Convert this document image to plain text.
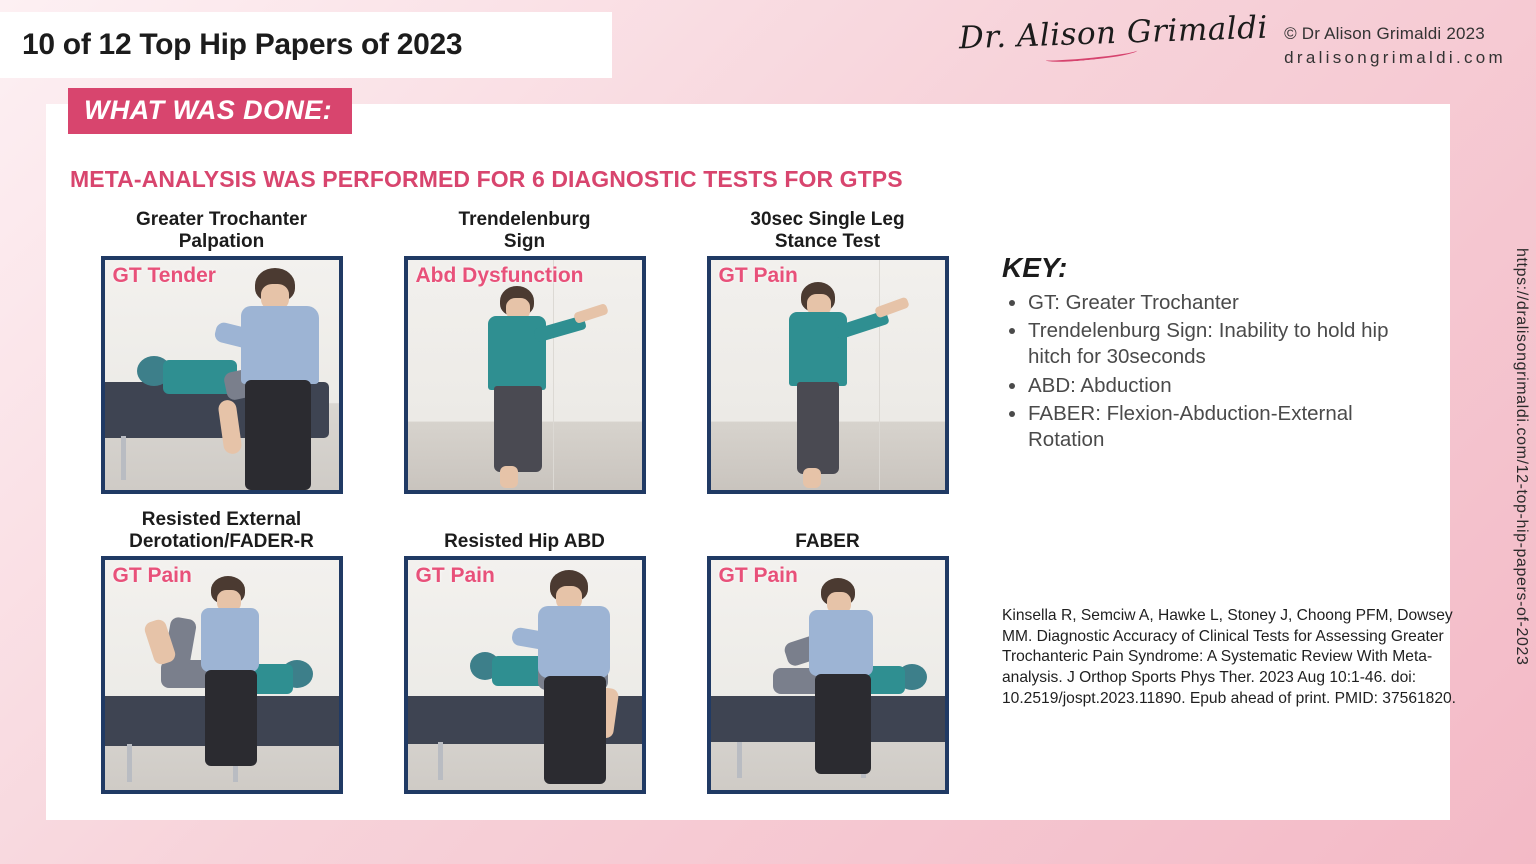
10 of 12 Top Hip Papers of 2023	Dr. Alison Grimaldi © Dr Alison Grimaldi 2023
dralisongrimaldi.com
WHAT WAS DONE:
META-ANALYSIS WAS PERFORMED FOR 6 DIAGNOSTIC TESTS FOR GTPS
Greater Trochanter
Palpation
GT Tender
Trendelenburg
Sign
Abd Dysfunction
30sec Single Leg
Stance Test
GT Pain
Resisted External
Derotation/FADER-R
GT Pain
Resisted Hip ABD
GT Pain
FABER
GT Pain
KEY:
• GT: Greater Trochanter
• Trendelenburg Sign: Inability to hold hip hitch for 30seconds
• ABD: Abduction
• FABER: Flexion-Abduction-External Rotation
Kinsella R, Semciw A, Hawke L, Stoney J, Choong PFM, Dowsey MM. Diagnostic Accuracy of Clinical Tests for Assessing Greater Trochanteric Pain Syndrome: A Systematic Review With Meta-analysis. J Orthop Sports Phys Ther. 2023 Aug 10:1-46. doi: 10.2519/jospt.2023.11890. Epub ahead of print. PMID: 37561820.
https://dralisongrimaldi.com/12-top-hip-papers-of-2023
